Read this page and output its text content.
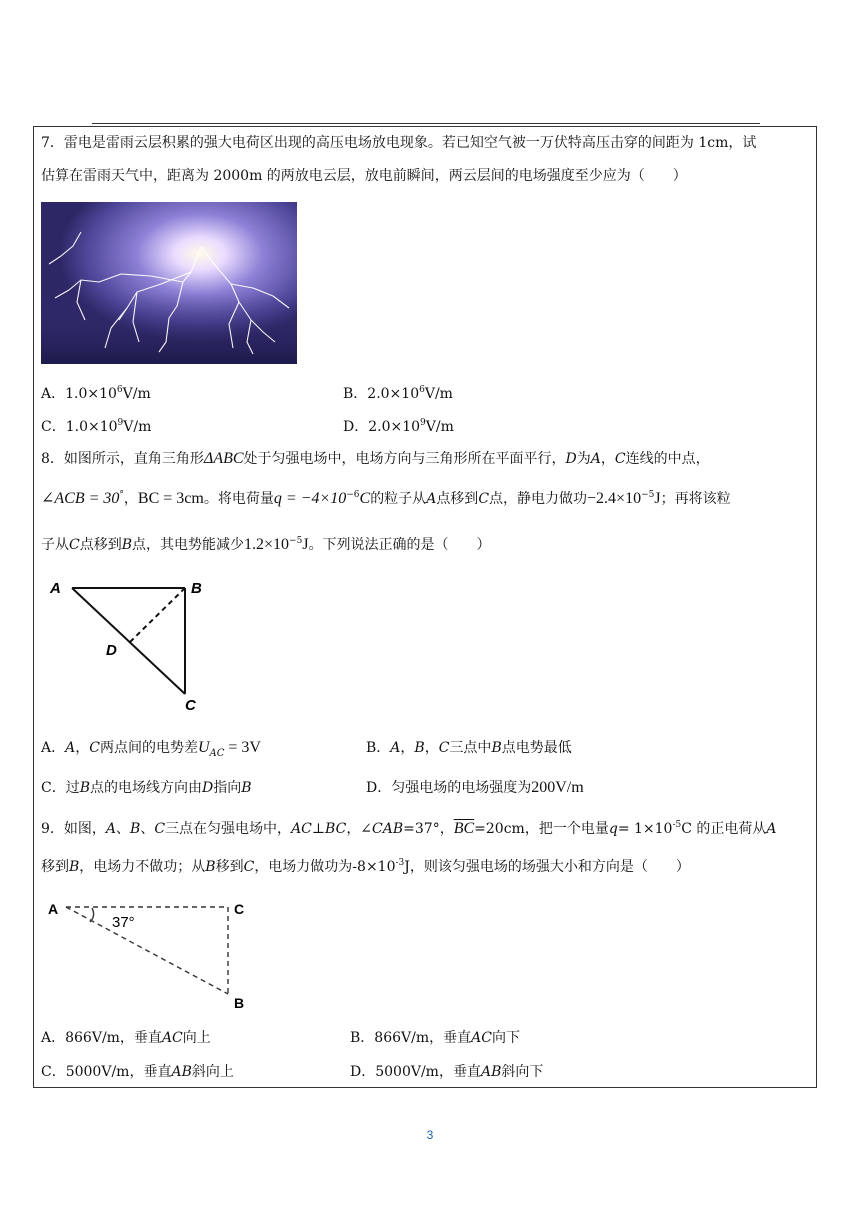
7．雷电是雷雨云层积累的强大电荷区出现的高压电场放电现象。若已知空气被一万伏特高压击穿的间距为 1cm，试
估算在雷雨天气中，距离为 2000m 的两放电云层，放电前瞬间，两云层间的电场强度至少应为（　　）
A．$1.0\times 10^6V/m$	B．$2.0\times 10^6V/m$
C．$1.0\times 10^9V/m$	D．$2.0\times 10^9V/m$
8．如图所示，直角三角形ΔABC处于匀强电场中，电场方向与三角形所在平面平行，D为A，C连线的中点，
∠ACB = 30°，BC = 3cm。将电荷量$q = -4\times 10^{-6}C$的粒子从A点移到C点，静电力做功$-2.4\times 10^{-5}J$；再将该粒
子从C点移到B点，其电势能减少$1.2\times 10^{-5}J$。下列说法正确的是（　　）
A	B
D
C
A．A，C两点间的电势差$U_{AC} = 3V$	B．A，B，C三点中B点电势最低
C．过B点的电场线方向由D指向B	D．匀强电场的电场强度为200V/m
9．如图，A、B、C三点在匀强电场中，AC⊥BC，∠CAB=37°，$\overline{BC}=20cm$，把一个电量$q= 1\times 10^{-5}C$ 的正电荷从A
移到B，电场力不做功；从B移到C，电场力做功为$-8\times 10^{-3}J$，则该匀强电场的场强大小和方向是（　　）
A	C
B
37°
A．866V/m，垂直AC向上	B．866V/m，垂直AC向下
C．5000V/m，垂直AB斜向上	D．5000V/m，垂直AB斜向下
3
